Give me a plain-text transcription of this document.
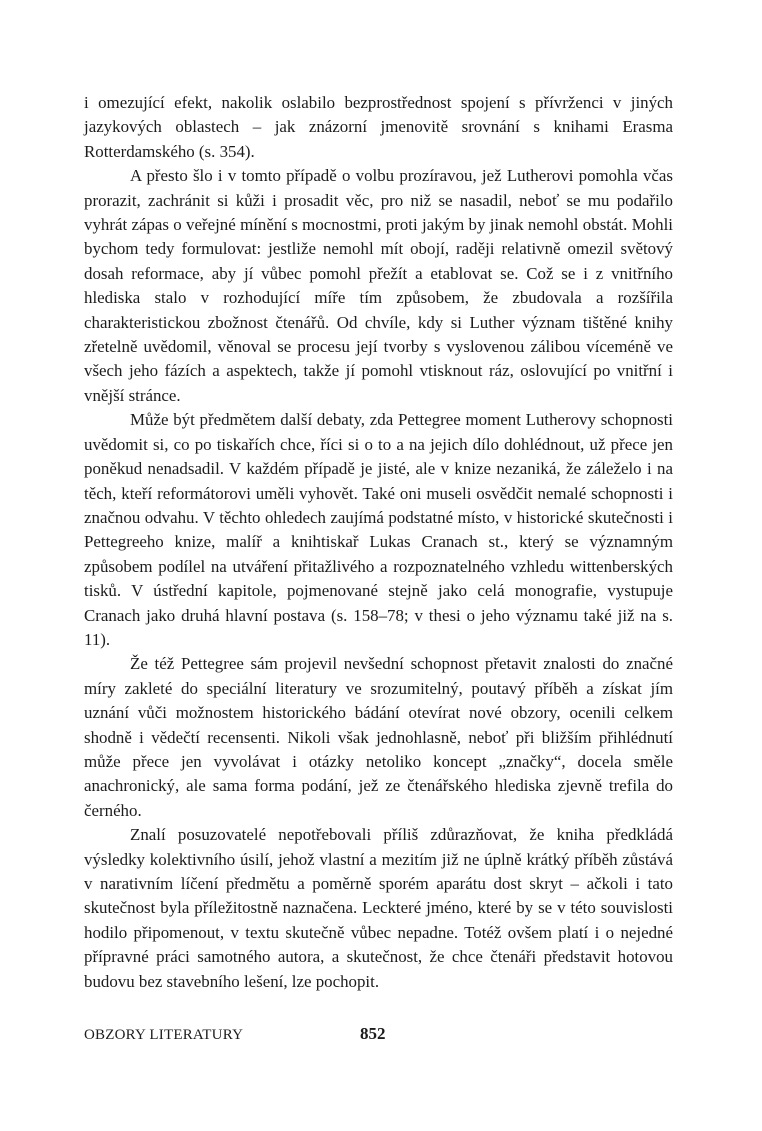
i omezující efekt, nakolik oslabilo bezprostřednost spojení s přívrženci v jiných jazykových oblastech – jak znázorní jmenovitě srovnání s knihami Erasma Rotterdamského (s. 354).

A přesto šlo i v tomto případě o volbu prozíravou, jež Lutherovi pomohla včas prorazit, zachránit si kůži i prosadit věc, pro niž se nasadil, neboť se mu podařilo vyhrát zápas o veřejné mínění s mocnostmi, proti jakým by jinak nemohl obstát. Mohli bychom tedy formulovat: jestliže nemohl mít obojí, raději relativně omezil světový dosah reformace, aby jí vůbec pomohl přežít a etablovat se. Což se i z vnitřního hlediska stalo v rozhodující míře tím způsobem, že zbudovala a rozšířila charakteristickou zbožnost čtenářů. Od chvíle, kdy si Luther význam tištěné knihy zřetelně uvědomil, věnoval se procesu její tvorby s vyslovenou zálibou víceméně ve všech jeho fázích a aspektech, takže jí pomohl vtisknout ráz, oslovující po vnitřní i vnější stránce.

Může být předmětem další debaty, zda Pettegree moment Lutherovy schopnosti uvědomit si, co po tiskařích chce, říci si o to a na jejich dílo dohlédnout, už přece jen poněkud nenadsadil. V každém případě je jisté, ale v knize nezaniká, že záleželo i na těch, kteří reformátorovi uměli vyhovět. Také oni museli osvědčit nemalé schopnosti i značnou odvahu. V těchto ohledech zaujímá podstatné místo, v historické skutečnosti i Pettegreeho knize, malíř a knihtiskař Lukas Cranach st., který se významným způsobem podílel na utváření přitažlivého a rozpoznatelného vzhledu wittenberských tisků. V ústřední kapitole, pojmenované stejně jako celá monografie, vystupuje Cranach jako druhá hlavní postava (s. 158–78; v thesi o jeho významu také již na s. 11).

Že též Pettegree sám projevil nevšední schopnost přetavit znalosti do značné míry zakleté do speciální literatury ve srozumitelný, poutavý příběh a získat jím uznání vůči možnostem historického bádání otevírat nové obzory, ocenili celkem shodně i vědečtí recensenti. Nikoli však jednohlasně, neboť při bližším přihlédnutí může přece jen vyvolávat i otázky netoliko koncept „značky“, docela směle anachronický, ale sama forma podání, jež ze čtenářského hlediska zjevně trefila do černého.

Znalí posuzovatelé nepotřebovali příliš zdůrazňovat, že kniha předkládá výsledky kolektivního úsilí, jehož vlastní a mezitím již ne úplně krátký příběh zůstává v narativním líčení předmětu a poměrně sporém aparátu dost skryt – ačkoli i tato skutečnost byla příležitostně naznačena. Leckteré jméno, které by se v této souvislosti hodilo připomenout, v textu skutečně vůbec nepadne. Totéž ovšem platí i o nejedné přípravné práci samotného autora, a skutečnost, že chce čtenáři představit hotovou budovu bez stavebního lešení, lze pochopit.

OBZORY LITERATURY	852
